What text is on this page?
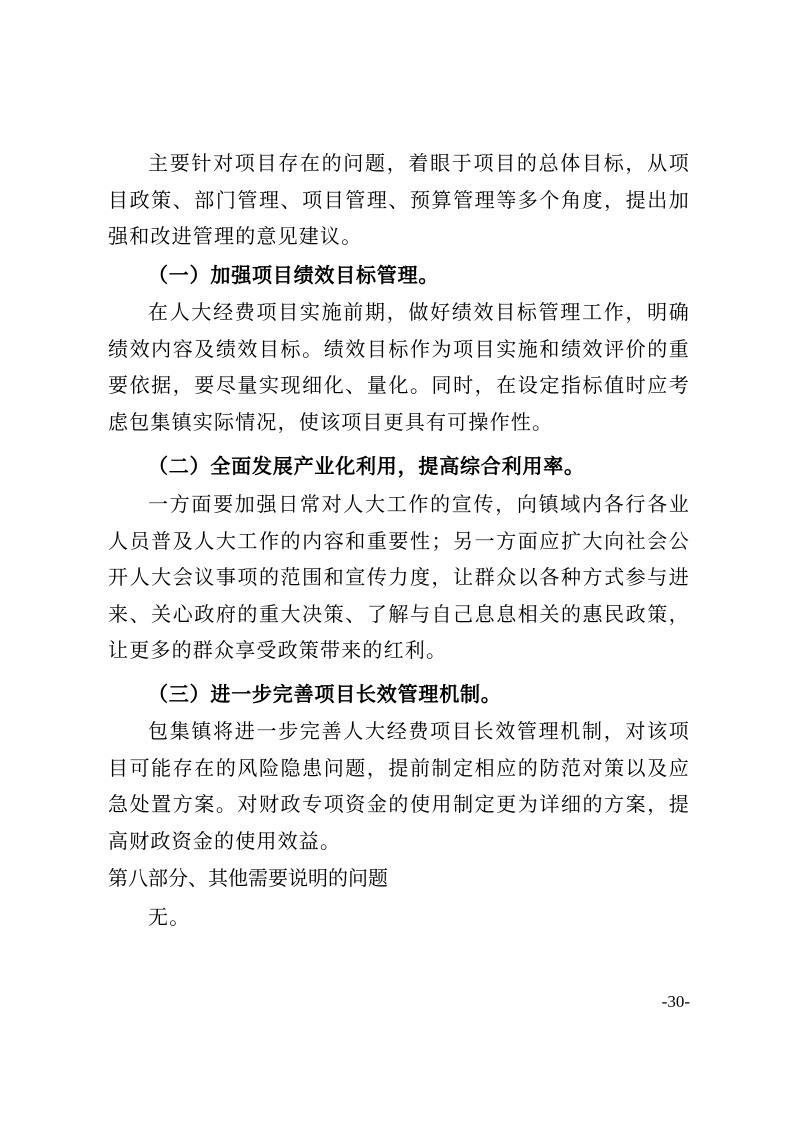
主要针对项目存在的问题，着眼于项目的总体目标，从项目政策、部门管理、项目管理、预算管理等多个角度，提出加强和改进管理的意见建议。

（一）加强项目绩效目标管理。

在人大经费项目实施前期，做好绩效目标管理工作，明确绩效内容及绩效目标。绩效目标作为项目实施和绩效评价的重要依据，要尽量实现细化、量化。同时，在设定指标值时应考虑包集镇实际情况，使该项目更具有可操作性。

（二）全面发展产业化利用，提高综合利用率。

一方面要加强日常对人大工作的宣传，向镇域内各行各业人员普及人大工作的内容和重要性；另一方面应扩大向社会公开人大会议事项的范围和宣传力度，让群众以各种方式参与进来、关心政府的重大决策、了解与自己息息相关的惠民政策，让更多的群众享受政策带来的红利。

（三）进一步完善项目长效管理机制。

包集镇将进一步完善人大经费项目长效管理机制，对该项目可能存在的风险隐患问题，提前制定相应的防范对策以及应急处置方案。对财政专项资金的使用制定更为详细的方案，提高财政资金的使用效益。

第八部分、其他需要说明的问题

无。

-30-
